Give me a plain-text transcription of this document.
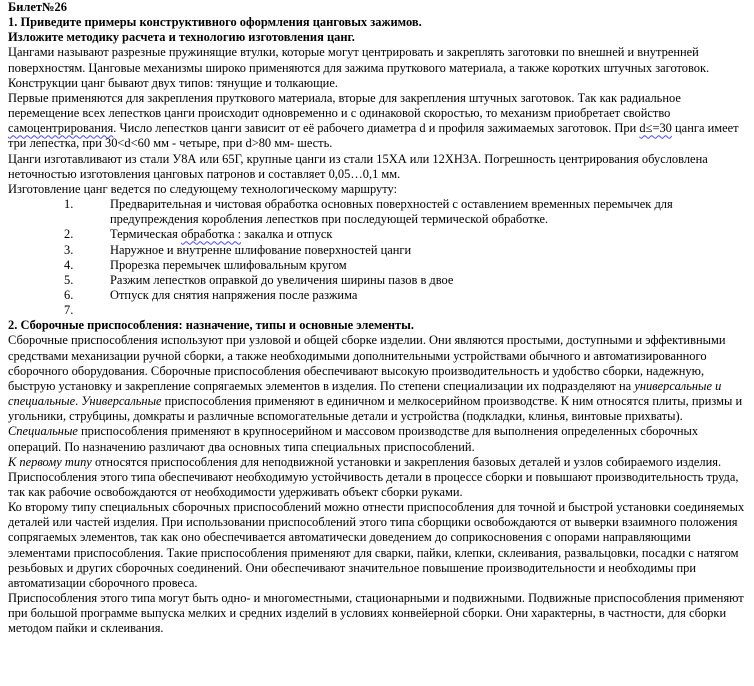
Билет№26

1. Приведите примеры конструктивного оформления цанговых зажимов.

Изложите методику расчета и технологию изготовления цанг.

Цангами называют разрезные пружинящие втулки, которые могут центрировать и закреплять заготовки по внешней и внутренней поверхностям. Цанговые механизмы широко применяются для зажима пруткового материала, а также коротких штучных заготовок.

Конструкции цанг бывают двух типов: тянущие и толкающие.

Первые применяются для закрепления пруткового материала, вторые для закрепления штучных заготовок. Так как радиальное перемещение всех лепестков цанги происходит одновременно и с одинаковой скоростью, то механизм приобретает свойство самоцентрирования. Число лепестков цанги зависит от её рабочего диаметра d и профиля зажимаемых заготовок. При d≤=30 цанга имеет три лепестка, при 30<d<60 мм - четыре, при d>80 мм- шесть.

Цанги изготавливают из стали У8А или 65Г, крупные цанги из стали 15ХА или 12ХН3А. Погрешность центрирования обусловлена неточностью изготовления цанговых патронов и составляет 0,05…0,1 мм.

Изготовление цанг ведется по следующему технологическому маршруту:

1.	Предварительная и чистовая обработка основных поверхностей с оставлением временных перемычек для предупреждения коробления лепестков при последующей термической обработке.
2.	Термическая обработка : закалка и отпуск
3.	Наружное и внутренне шлифование поверхностей цанги
4.	Прорезка перемычек шлифовальным кругом
5.	Разжим лепестков оправкой до увеличения ширины пазов в двое
6.	Отпуск для снятия напряжения после разжима
7.

2. Сборочные приспособления: назначение, типы и основные элементы.

Сборочные приспособления используют при узловой и общей сборке изделии. Они являются простыми, доступными и эффективными средствами механизации ручной сборки, а также необходимыми дополнительными устройствами обычного и автоматизированного сборочного оборудования. Сборочные приспособления обеспечивают высокую производительность и удобство сборки, надежную, быструю установку и закрепление сопрягаемых элементов в изделия. По степени специализации их подразделяют на универсальные и специальные. Универсальные приспособления применяют в единичном и мелкосерийном производстве. К ним относятся плиты, призмы и угольники, струбцины, домкраты и различные вспомогательные детали и устройства (подкладки, клинья, винтовые прихваты). Специальные приспособления применяют в крупносерийном и массовом производстве для выполнения определенных сборочных операций. По назначению различают два основных типа специальных приспособлений.

К первому типу относятся приспособления для неподвижной установки и закрепления базовых деталей и узлов собираемого изделия. Приспособления этого типа обеспечивают необходимую устойчивость детали в процессе сборки и повышают производительность труда, так как рабочие освобождаются от необходимости удерживать объект сборки руками.

Ко второму типу специальных сборочных приспособлений можно отнести приспособления для точной и быстрой установки соединяемых деталей или частей изделия. При использовании приспособлений этого типа сборщики освобождаются от выверки взаимного положения сопрягаемых элементов, так как оно обеспечивается автоматически доведением до соприкосновения с опорами направляющими элементами приспособления. Такие приспособления применяют для сварки, пайки, клепки, склеивания, развальцовки, посадки с натягом резьбовых и других сборочных соединений. Они обеспечивают значительное повышение производительности и необходимы при автоматизации сборочного провеса.

Приспособления этого типа могут быть одно- и многоместными, стационарными и подвижными. Подвижные приспособления применяют при большой программе выпуска мелких и средних изделий в условиях конвейерной сборки. Они характерны, в частности, для сборки методом пайки и склеивания.
